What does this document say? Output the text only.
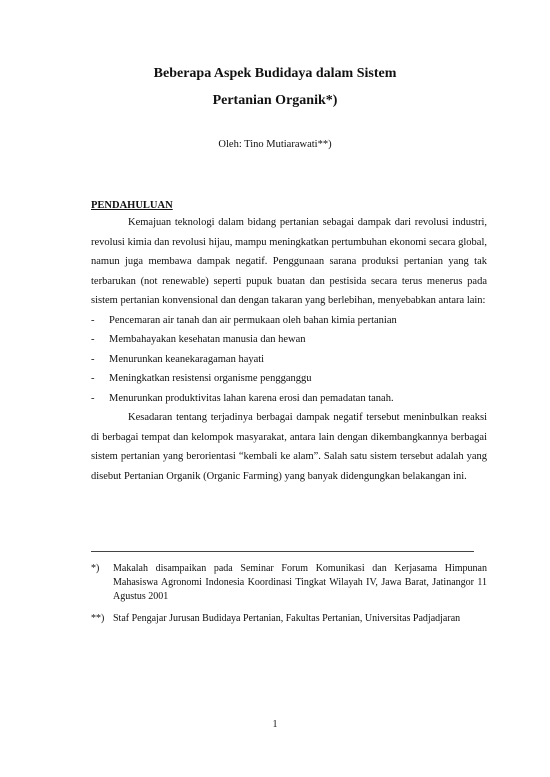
Beberapa Aspek Budidaya dalam Sistem
Pertanian Organik*)
Oleh: Tino Mutiarawati**)
PENDAHULUAN

Kemajuan teknologi dalam bidang pertanian sebagai dampak dari revolusi industri, revolusi kimia dan revolusi hijau, mampu meningkatkan pertumbuhan ekonomi secara global, namun juga membawa dampak negatif. Penggunaan sarana produksi pertanian yang tak terbarukan (not renewable) seperti pupuk buatan dan pestisida secara terus menerus pada sistem pertanian konvensional dan dengan takaran yang berlebihan, menyebabkan antara lain:

-	Pencemaran air tanah dan air permukaan oleh bahan kimia pertanian
-	Membahayakan kesehatan manusia dan hewan
-	Menurunkan keanekaragaman hayati
-	Meningkatkan resistensi organisme pengganggu
-	Menurunkan produktivitas lahan karena erosi dan pemadatan tanah.

Kesadaran tentang terjadinya berbagai dampak negatif tersebut meninbulkan reaksi di berbagai tempat dan kelompok masyarakat, antara lain dengan dikembangkannya berbagai sistem pertanian yang berorientasi “kembali ke alam”. Salah satu sistem tersebut adalah yang disebut Pertanian Organik (Organic Farming) yang banyak didengungkan belakangan ini.

*)	Makalah disampaikan pada Seminar Forum Komunikasi dan Kerjasama Himpunan Mahasiswa Agronomi Indonesia Koordinasi Tingkat Wilayah IV, Jawa Barat, Jatinangor 11 Agustus 2001
**) Staf Pengajar Jurusan Budidaya Pertanian, Fakultas Pertanian, Universitas Padjadjaran
1
